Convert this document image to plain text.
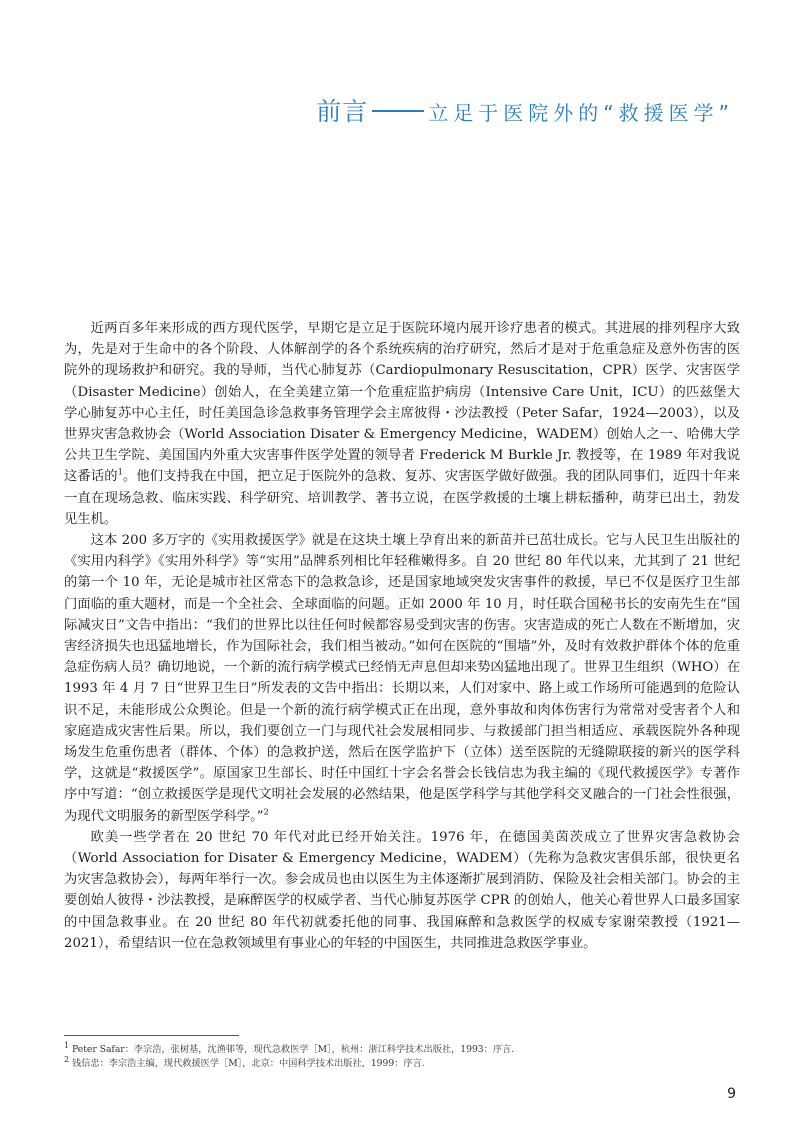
前言	立足于医院外的“救援医学”

近两百多年来形成的西方现代医学，早期它是立足于医院环境内展开诊疗患者的模式。其进展的排列程序大致为，先是对于生命中的各个阶段、人体解剖学的各个系统疾病的治疗研究，然后才是对于危重急症及意外伤害的医院外的现场救护和研究。我的导师，当代心肺复苏（Cardiopulmonary Resuscitation，CPR）医学、灾害医学（Disaster Medicine）创始人，在全美建立第一个危重症监护病房（Intensive Care Unit，ICU）的匹兹堡大学心肺复苏中心主任，时任美国急诊急救事务管理学会主席彼得・沙法教授（Peter Safar，1924—2003），以及世界灾害急救协会（World Association Disater & Emergency Medicine，WADEM）创始人之一、哈佛大学公共卫生学院、美国国内外重大灾害事件医学处置的领导者 Frederick M Burkle Jr. 教授等，在 1989 年对我说这番话的$^1$。他们支持我在中国，把立足于医院外的急救、复苏、灾害医学做好做强。我的团队同事们，近四十年来一直在现场急救、临床实践、科学研究、培训教学、著书立说，在医学救援的土壤上耕耘播种，萌芽已出土，勃发见生机。

这本 200 多万字的《实用救援医学》就是在这块土壤上孕育出来的新苗并已茁壮成长。它与人民卫生出版社的《实用内科学》《实用外科学》等“实用”品牌系列相比年轻稚嫩得多。自 20 世纪 80 年代以来，尤其到了 21 世纪的第一个 10 年，无论是城市社区常态下的急救急诊，还是国家地域突发灾害事件的救援，早已不仅是医疗卫生部门面临的重大题材，而是一个全社会、全球面临的问题。正如 2000 年 10 月，时任联合国秘书长的安南先生在“国际减灾日”文告中指出：“我们的世界比以往任何时候都容易受到灾害的伤害。灾害造成的死亡人数在不断增加，灾害经济损失也迅猛地增长，作为国际社会，我们相当被动。”如何在医院的“围墙”外，及时有效救护群体个体的危重急症伤病人员？确切地说，一个新的流行病学模式已经悄无声息但却来势凶猛地出现了。世界卫生组织（WHO）在 1993 年 4 月 7 日“世界卫生日”所发表的文告中指出：长期以来，人们对家中、路上或工作场所可能遇到的危险认识不足，未能形成公众舆论。但是一个新的流行病学模式正在出现，意外事故和肉体伤害行为常常对受害者个人和家庭造成灾害性后果。所以，我们要创立一门与现代社会发展相同步、与救援部门担当相适应、承载医院外各种现场发生危重伤患者（群体、个体）的急救护送，然后在医学监护下（立体）送至医院的无缝隙联接的新兴的医学科学，这就是“救援医学”。原国家卫生部长、时任中国红十字会名誉会长钱信忠为我主编的《现代救援医学》专著作序中写道：“创立救援医学是现代文明社会发展的必然结果，他是医学科学与其他学科交叉融合的一门社会性很强，为现代文明服务的新型医学科学。”$^2$

欧美一些学者在 20 世纪 70 年代对此已经开始关注。1976 年，在德国美茵茨成立了世界灾害急救协会（World Association for Disater & Emergency Medicine，WADEM）（先称为急救灾害俱乐部，很快更名为灾害急救协会），每两年举行一次。参会成员也由以医生为主体逐渐扩展到消防、保险及社会相关部门。协会的主要创始人彼得・沙法教授，是麻醉医学的权威学者、当代心肺复苏医学 CPR 的创始人，他关心着世界人口最多国家的中国急救事业。在 20 世纪 80 年代初就委托他的同事、我国麻醉和急救医学的权威专家谢荣教授（1921—2021），希望结识一位在急救领域里有事业心的年轻的中国医生，共同推进急救医学事业。

$^1$ Peter Safar：李宗浩，张树基，沈渔邨等，现代急救医学［M］，杭州：浙江科学技术出版社，1993：序言.

$^2$ 钱信忠：李宗浩主编，现代救援医学［M］，北京：中国科学技术出版社，1999：序言.

9
